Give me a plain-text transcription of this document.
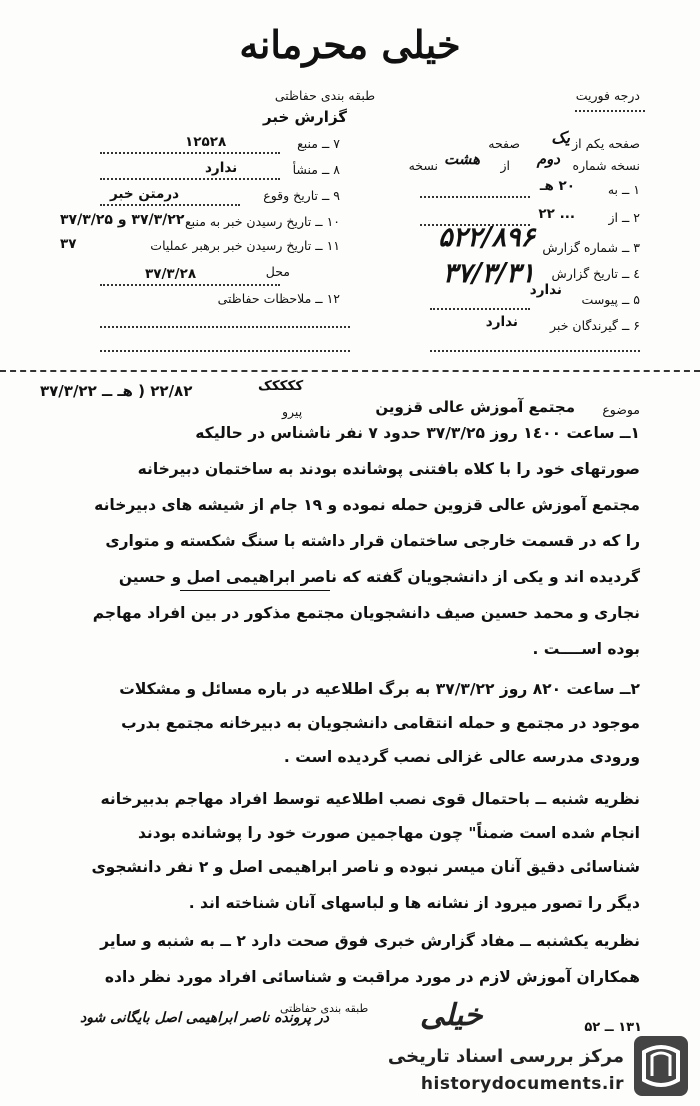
خیلی محرمانه
طبقه بندی حفاظتی
گزارش خبر
درجه فوریت
۷ ــ منبع
۱۲۵۲۸
۸ ــ منشأ
ندارد
۹ ــ تاریخ وقوع
درمتن خبر
۱۰ ــ تاریخ رسیدن خبر به منبع
۳۷/۳/۲۲ و ۳۷/۳/۲۵
۱۱ ــ تاریخ رسیدن خبر برهبر عملیات
۳۷
محل
۳۷/۳/۲۸
۱۲ ــ ملاحظات حفاظتی
صفحه یکم از
یک
صفحه
نسخه شماره
دوم
از
هشت
نسخه
۱ ــ به
۲۰ هـ
۲ ــ از
۲۲ ...
۳ ــ شماره گزارش
۵۲۲/۸۹۶
٤ ــ تاریخ گزارش
۳۷/۳/۳۱
۵ ــ پیوست
ندارد
۶ ــ گیرندگان خبر
ندارد
موضوع
مجتمع آموزش عالی قزوین
ککککک
پیرو
۲۲/۸۲ ( هـ ــ ۳۷/۳/۲۲
۱ــ ساعت ۱٤۰۰ روز ۳۷/۳/۲۵ حدود ۷ نفر ناشناس در حالیکه
صورتهای خود را با کلاه بافتنی پوشانده بودند به ساختمان دبیرخانه
مجتمع آموزش عالی قزوین حمله نموده و ۱۹ جام از شیشه های دبیرخانه
را که در قسمت خارجی ساختمان قرار داشته با سنگ شکسته و متواری
گردیده اند و یکی از دانشجویان گفته که ناصر ابراهیمی اصل و حسین
نجاری و محمد حسین صیف دانشجویان مجتمع مذکور در بین افراد مهاجم
بوده اســــت .
۲ــ ساعت ۸۲۰ روز ۳۷/۳/۲۲ به برگ اطلاعیه در باره مسائل و مشکلات
موجود در مجتمع و حمله انتقامی دانشجویان به دبیرخانه مجتمع بدرب
ورودی مدرسه عالی غزالی نصب گردیده است .
نظریه شنبه ــ باحتمال قوی نصب اطلاعیه توسط افراد مهاجم بدبیرخانه
انجام شده است ضمناً" چون مهاجمین صورت خود را پوشانده بودند
شناسائی دقیق آنان میسر نبوده و ناصر ابراهیمی اصل و ۲ نفر دانشجوی
دیگر را تصور میرود از نشانه ها و لباسهای آنان شناخته اند .
نظریه یکشنبه ــ مفاد گزارش خبری فوق صحت دارد ۲ ــ به شنبه و سایر
همکاران آموزش لازم در مورد مراقبت و شناسائی افراد مورد نظر داده
طبقه بندی حفاظتی خیلی	۱۳۱ ــ ۵۲
در پرونده ناصر ابراهیمی اصل بایگانی شود
مرکز بررسی اسناد تاریخی
historydocuments.ir
